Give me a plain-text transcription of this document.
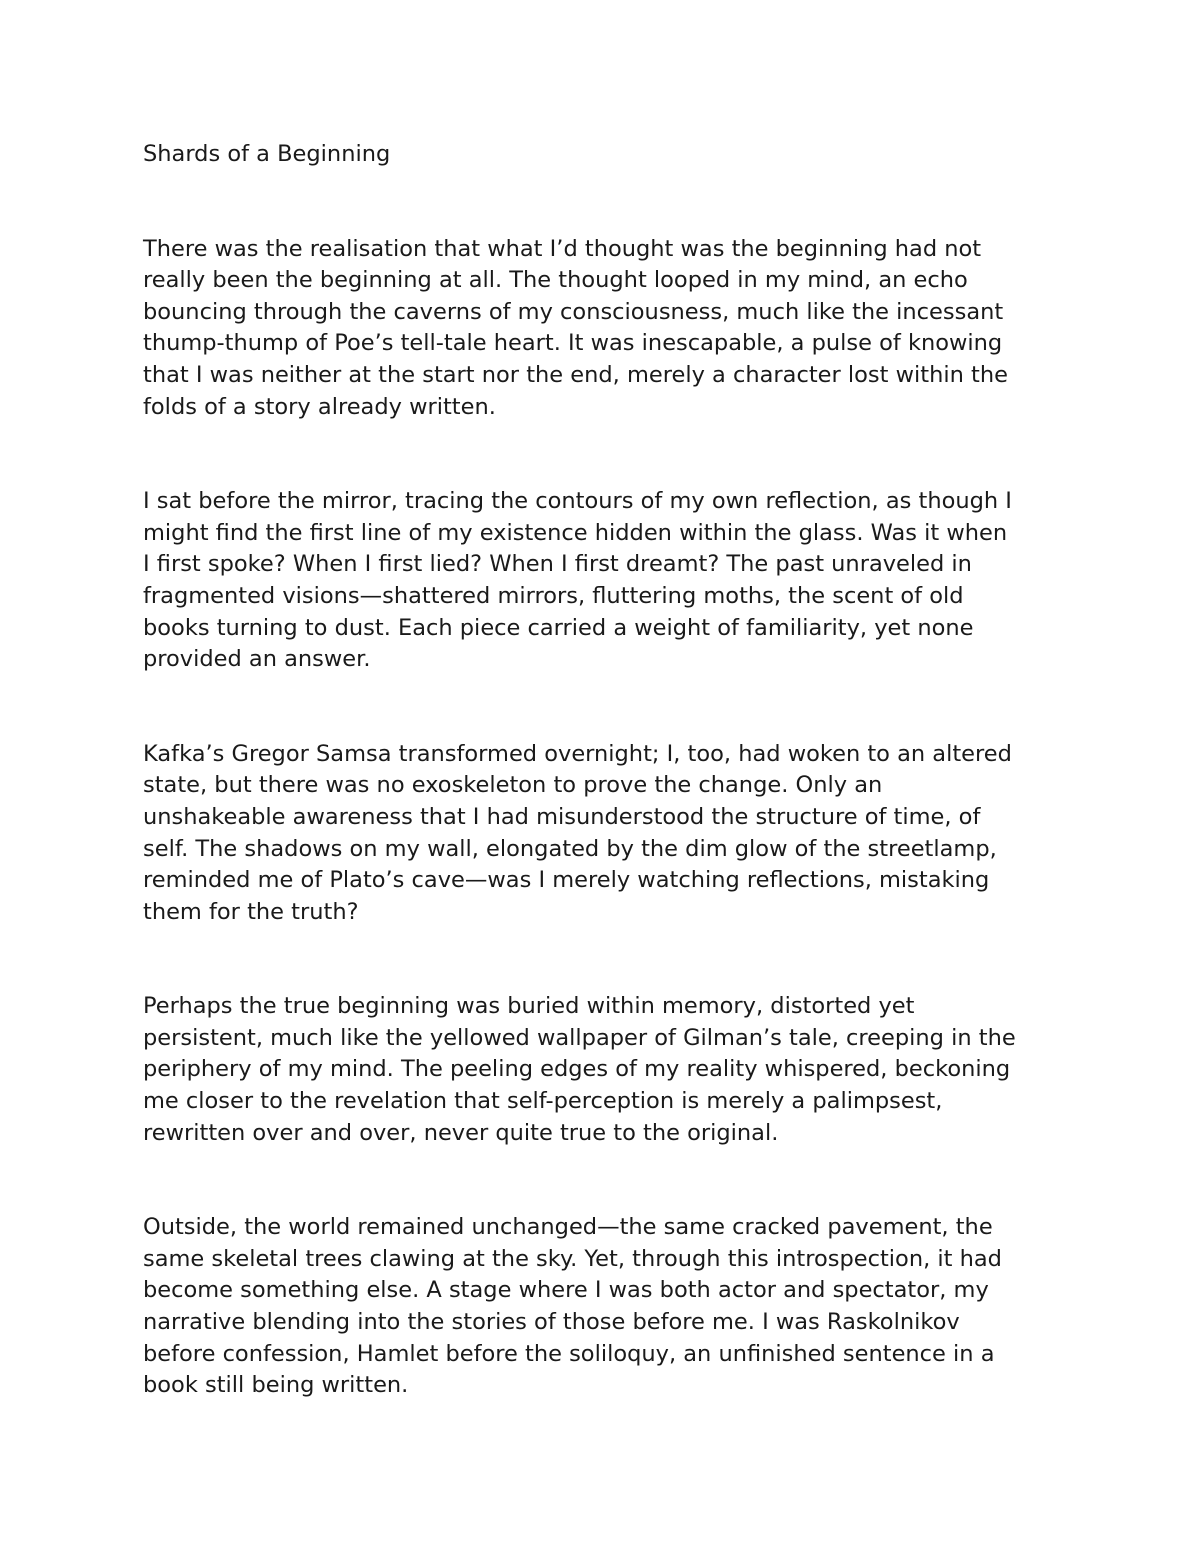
Shards of a Beginning
There was the realisation that what I’d thought was the beginning had not
really been the beginning at all. The thought looped in my mind, an echo
bouncing through the caverns of my consciousness, much like the incessant
thump-thump of Poe’s tell-tale heart. It was inescapable, a pulse of knowing
that I was neither at the start nor the end, merely a character lost within the
folds of a story already written.
I sat before the mirror, tracing the contours of my own reflection, as though I
might find the first line of my existence hidden within the glass. Was it when
I first spoke? When I first lied? When I first dreamt? The past unraveled in
fragmented visions—shattered mirrors, fluttering moths, the scent of old
books turning to dust. Each piece carried a weight of familiarity, yet none
provided an answer.
Kafka’s Gregor Samsa transformed overnight; I, too, had woken to an altered
state, but there was no exoskeleton to prove the change. Only an
unshakeable awareness that I had misunderstood the structure of time, of
self. The shadows on my wall, elongated by the dim glow of the streetlamp,
reminded me of Plato’s cave—was I merely watching reflections, mistaking
them for the truth?
Perhaps the true beginning was buried within memory, distorted yet
persistent, much like the yellowed wallpaper of Gilman’s tale, creeping in the
periphery of my mind. The peeling edges of my reality whispered, beckoning
me closer to the revelation that self-perception is merely a palimpsest,
rewritten over and over, never quite true to the original.
Outside, the world remained unchanged—the same cracked pavement, the
same skeletal trees clawing at the sky. Yet, through this introspection, it had
become something else. A stage where I was both actor and spectator, my
narrative blending into the stories of those before me. I was Raskolnikov
before confession, Hamlet before the soliloquy, an unfinished sentence in a
book still being written.
